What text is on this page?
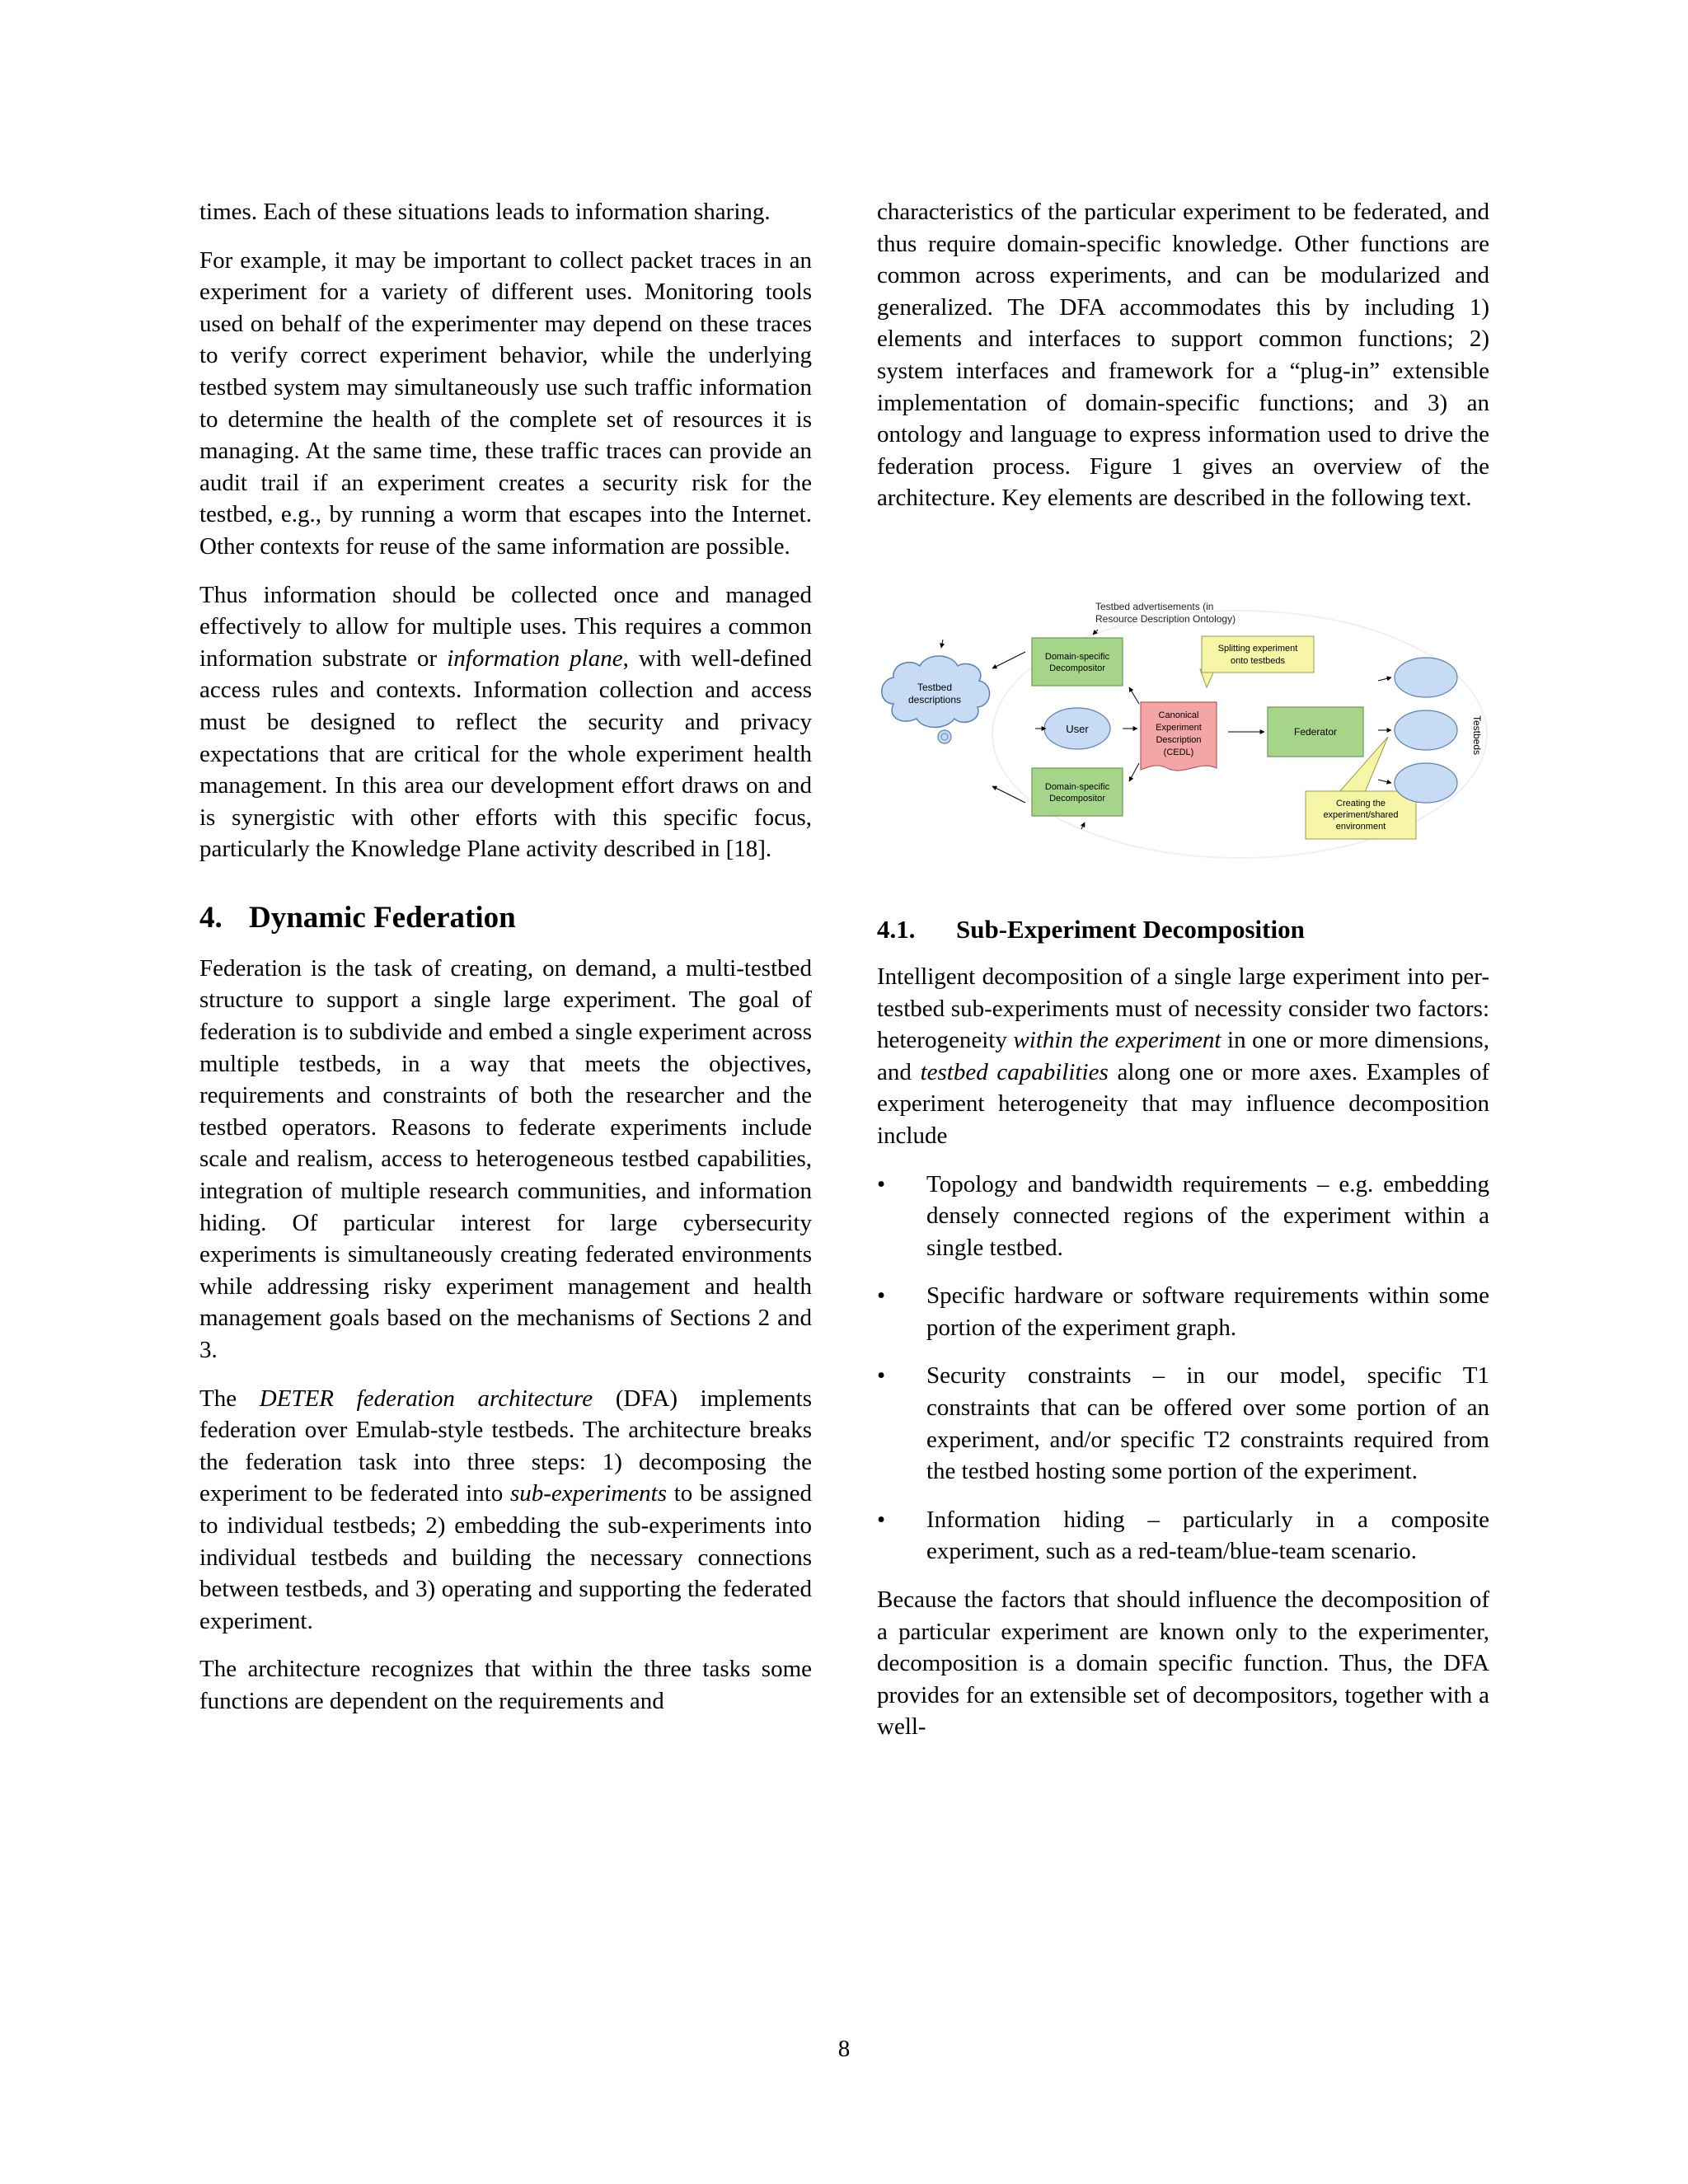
times. Each of these situations leads to information sharing.

For example, it may be important to collect packet traces in an experiment for a variety of different uses. Monitoring tools used on behalf of the experimenter may depend on these traces to verify correct experiment behavior, while the underlying testbed system may simultaneously use such traffic information to determine the health of the complete set of resources it is managing. At the same time, these traffic traces can provide an audit trail if an experiment creates a security risk for the testbed, e.g., by running a worm that escapes into the Internet. Other contexts for reuse of the same information are possible.

Thus information should be collected once and managed effectively to allow for multiple uses. This requires a common information substrate or information plane, with well-defined access rules and contexts. Information collection and access must be designed to reflect the security and privacy expectations that are critical for the whole experiment health management. In this area our development effort draws on and is synergistic with other efforts with this specific focus, particularly the Knowledge Plane activity described in [18].

4. Dynamic Federation

Federation is the task of creating, on demand, a multi-testbed structure to support a single large experiment. The goal of federation is to subdivide and embed a single experiment across multiple testbeds, in a way that meets the objectives, requirements and constraints of both the researcher and the testbed operators. Reasons to federate experiments include scale and realism, access to heterogeneous testbed capabilities, integration of multiple research communities, and information hiding. Of particular interest for large cybersecurity experiments is simultaneously creating federated environments while addressing risky experiment management and health management goals based on the mechanisms of Sections 2 and 3.

The DETER federation architecture (DFA) implements federation over Emulab-style testbeds. The architecture breaks the federation task into three steps: 1) decomposing the experiment to be federated into sub-experiments to be assigned to individual testbeds; 2) embedding the sub-experiments into individual testbeds and building the necessary connections between testbeds, and 3) operating and supporting the federated experiment.

The architecture recognizes that within the three tasks some functions are dependent on the requirements and

characteristics of the particular experiment to be federated, and thus require domain-specific knowledge. Other functions are common across experiments, and can be modularized and generalized. The DFA accommodates this by including 1) elements and interfaces to support common functions; 2) system interfaces and framework for a “plug-in” extensible implementation of domain-specific functions; and 3) an ontology and language to express information used to drive the federation process. Figure 1 gives an overview of the architecture. Key elements are described in the following text.

Testbed advertisements (in
Resource Description Ontology)
Testbed
descriptions
Domain-specific
Decompositor
Domain-specific
Decompositor
User
Canonical
Experiment
Description
(CEDL)
Federator
Splitting experiment
onto testbeds
Creating the
experiment/shared
environment
Testbeds
4.1. Sub-Experiment Decomposition

Intelligent decomposition of a single large experiment into per-testbed sub-experiments must of necessity consider two factors: heterogeneity within the experiment in one or more dimensions, and testbed capabilities along one or more axes. Examples of experiment heterogeneity that may influence decomposition include

• Topology and bandwidth requirements – e.g. embedding densely connected regions of the experiment within a single testbed.
• Specific hardware or software requirements within some portion of the experiment graph.
• Security constraints – in our model, specific T1 constraints that can be offered over some portion of an experiment, and/or specific T2 constraints required from the testbed hosting some portion of the experiment.
• Information hiding – particularly in a composite experiment, such as a red-team/blue-team scenario.

Because the factors that should influence the decomposition of a particular experiment are known only to the experimenter, decomposition is a domain specific function. Thus, the DFA provides for an extensible set of decompositors, together with a well-

8
